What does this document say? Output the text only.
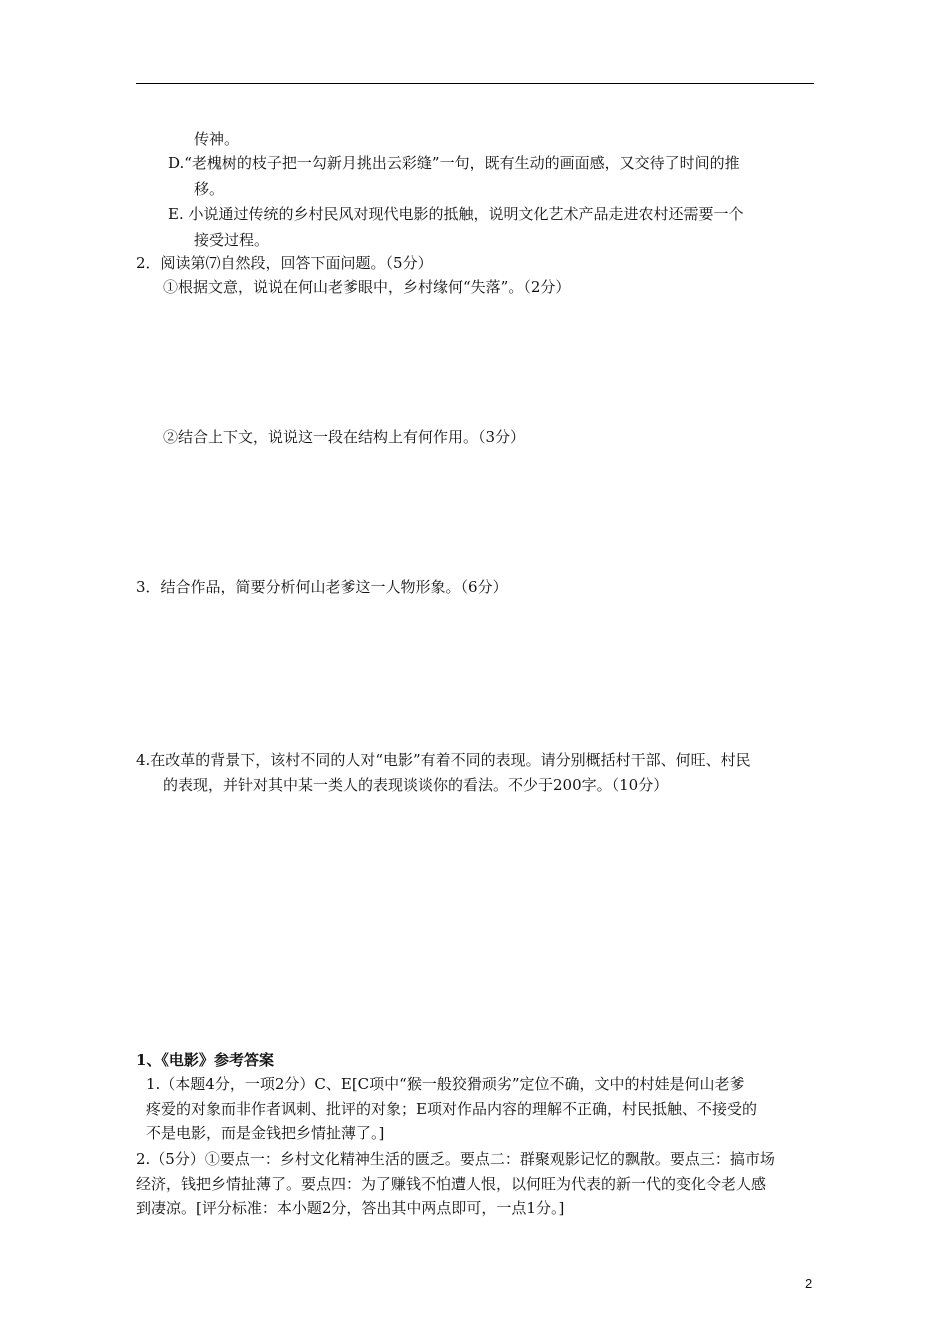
传神。
D.“老槐树的枝子把一勾新月挑出云彩缝”一句，既有生动的画面感，又交待了时间的推
移。
E. 小说通过传统的乡村民风对现代电影的抵触，说明文化艺术产品走进农村还需要一个
接受过程。
2．阅读第⑺自然段，回答下面问题。（5分）
①根据文意，说说在何山老爹眼中，乡村缘何“失落”。（2分）
②结合上下文，说说这一段在结构上有何作用。（3分）
3．结合作品，简要分析何山老爹这一人物形象。（6分）
4.在改革的背景下，该村不同的人对“电影”有着不同的表现。请分别概括村干部、何旺、村民
的表现，并针对其中某一类人的表现谈谈你的看法。不少于200字。（10分）
1、《电影》参考答案
1.（本题4分，一项2分）C、E[C项中“猴一般狡猾顽劣”定位不确，文中的村娃是何山老爹
疼爱的对象而非作者讽刺、批评的对象；E项对作品内容的理解不正确，村民抵触、不接受的
不是电影，而是金钱把乡情扯薄了。]
2.（5分）①要点一：乡村文化精神生活的匮乏。要点二：群聚观影记忆的飘散。要点三：搞市场
经济，钱把乡情扯薄了。要点四：为了赚钱不怕遭人恨，以何旺为代表的新一代的变化令老人感
到凄凉。[评分标准：本小题2分，答出其中两点即可，一点1分。]
2
